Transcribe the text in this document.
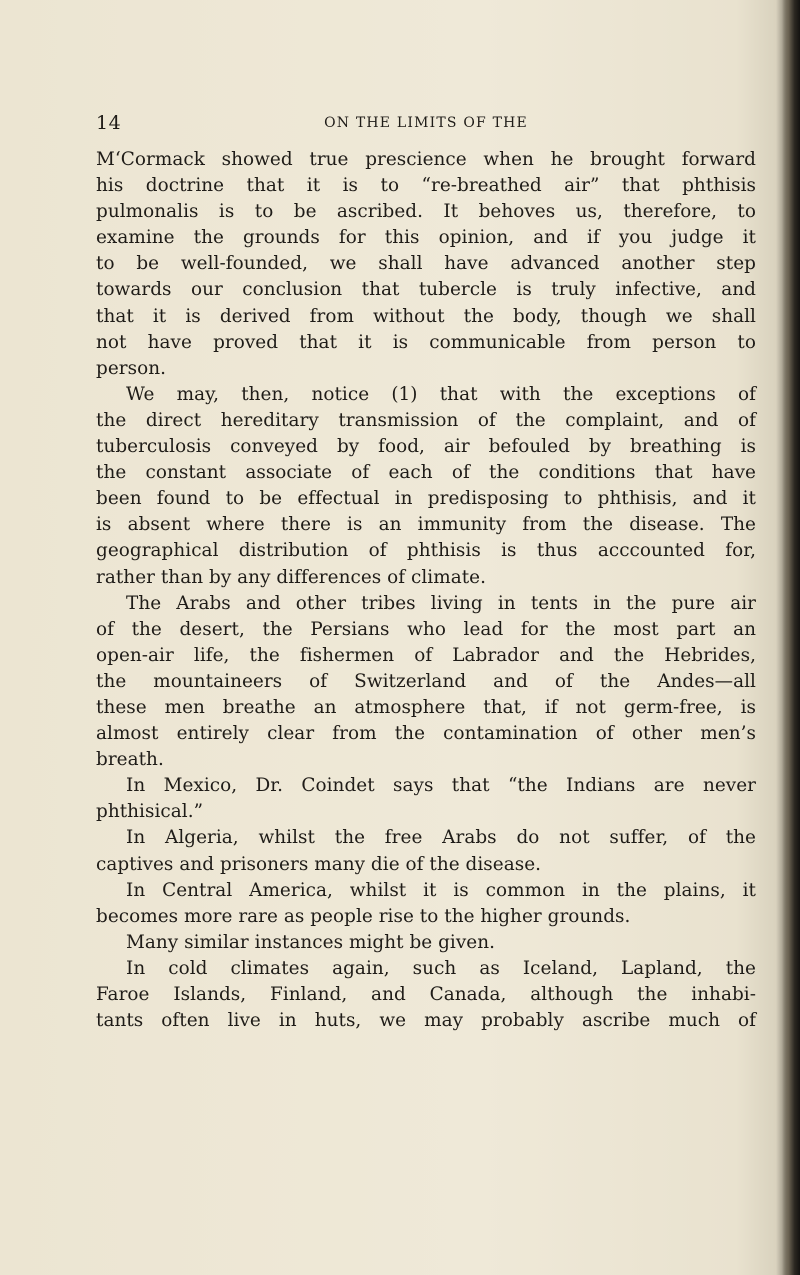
14	ON THE LIMITS OF THE
M‘Cormack showed true prescience when he brought forward
his doctrine that it is to “re-breathed air” that phthisis
pulmonalis is to be ascribed. It behoves us, therefore, to
examine the grounds for this opinion, and if you judge it
to be well-founded, we shall have advanced another step
towards our conclusion that tubercle is truly infective, and
that it is derived from without the body, though we shall
not have proved that it is communicable from person to
person.
We may, then, notice (1) that with the exceptions of
the direct hereditary transmission of the complaint, and of
tuberculosis conveyed by food, air befouled by breathing is
the constant associate of each of the conditions that have
been found to be effectual in predisposing to phthisis, and it
is absent where there is an immunity from the disease. The
geographical distribution of phthisis is thus acccounted for,
rather than by any differences of climate.
The Arabs and other tribes living in tents in the pure air
of the desert, the Persians who lead for the most part an
open-air life, the fishermen of Labrador and the Hebrides,
the mountaineers of Switzerland and of the Andes—all
these men breathe an atmosphere that, if not germ-free, is
almost entirely clear from the contamination of other men’s
breath.
In Mexico, Dr. Coindet says that “the Indians are never
phthisical.”
In Algeria, whilst the free Arabs do not suffer, of the
captives and prisoners many die of the disease.
In Central America, whilst it is common in the plains, it
becomes more rare as people rise to the higher grounds.
Many similar instances might be given.
In cold climates again, such as Iceland, Lapland, the
Faroe Islands, Finland, and Canada, although the inhabi-
tants often live in huts, we may probably ascribe much of
